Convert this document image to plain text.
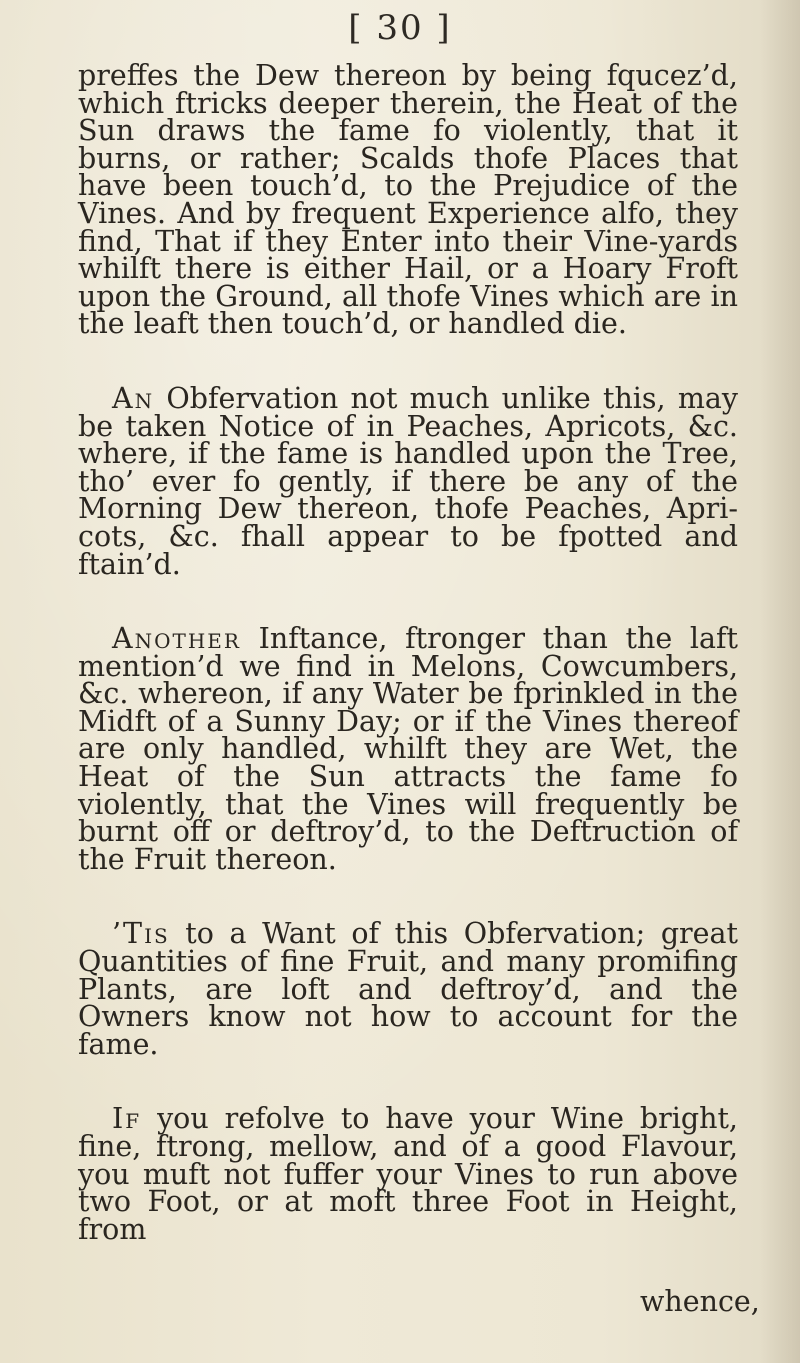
[ 30 ]

preffes the Dew thereon by being fqucez’d, which ftricks deeper therein, the Heat of the Sun draws the fame fo violently, that it burns, or rather; Scalds thofe Places that have been touch’d, to the Prejudice of the Vines. And by frequent Experience alfo, they find, That if they Enter into their Vine-yards whilft there is either Hail, or a Hoary Froft upon the Ground, all thofe Vines which are in the leaft then touch’d, or handled die.

An Obfervation not much unlike this, may be taken Notice of in Peaches, Apricots, &c. where, if the fame is handled upon the Tree, tho’ ever fo gently, if there be any of the Morning Dew thereon, thofe Peaches, Apri-cots, &c. fhall appear to be fpotted and ftain’d.

Another Inftance, ftronger than the laft mention’d we find in Melons, Cowcumbers, &c. whereon, if any Water be fprinkled in the Midft of a Sunny Day; or if the Vines thereof are only handled, whilft they are Wet, the Heat of the Sun attracts the fame fo violently, that the Vines will frequently be burnt off or deftroy’d, to the Deftruction of the Fruit thereon.

’Tis to a Want of this Obfervation; great Quantities of fine Fruit, and many promifing Plants, are loft and deftroy’d, and the Owners know not how to account for the fame.

If you refolve to have your Wine bright, fine, ftrong, mellow, and of a good Flavour, you muft not fuffer your Vines to run above two Foot, or at moft three Foot in Height, from

whence,
